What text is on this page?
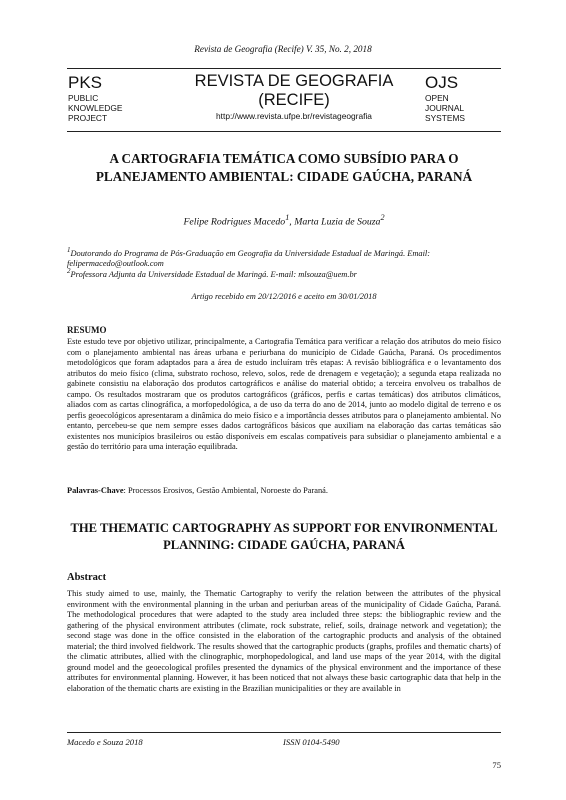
Revista de Geografia (Recife) V. 35, No. 2, 2018
PKS
PUBLIC
KNOWLEDGE
PROJECT
REVISTA DE GEOGRAFIA
(RECIFE)
http://www.revista.ufpe.br/revistageografia
OJS
OPEN
JOURNAL
SYSTEMS
A CARTOGRAFIA TEMÁTICA COMO SUBSÍDIO PARA O PLANEJAMENTO AMBIENTAL: CIDADE GAÚCHA, PARANÁ
Felipe Rodrigues Macedo$^1$, Marta Luzia de Souza$^2$

$^1$Doutorando do Programa de Pós-Graduação em Geografia da Universidade Estadual de Maringá. Email: felipermacedo@outlook.com

$^2$Professora Adjunta da Universidade Estadual de Maringá. E-mail: mlsouza@uem.br

Artigo recebido em 20/12/2016 e aceito em 30/01/2018
RESUMO

Este estudo teve por objetivo utilizar, principalmente, a Cartografia Temática para verificar a relação dos atributos do meio físico com o planejamento ambiental nas áreas urbana e periurbana do município de Cidade Gaúcha, Paraná. Os procedimentos metodológicos que foram adaptados para a área de estudo incluíram três etapas: A revisão bibliográfica e o levantamento dos atributos do meio físico (clima, substrato rochoso, relevo, solos, rede de drenagem e vegetação); a segunda etapa realizada no gabinete consistiu na elaboração dos produtos cartográficos e análise do material obtido; a terceira envolveu os trabalhos de campo. Os resultados mostraram que os produtos cartográficos (gráficos, perfis e cartas temáticas) dos atributos climáticos, aliados com as cartas clinográfica, a morfopedológica, a de uso da terra do ano de 2014, junto ao modelo digital de terreno e os perfis geoecológicos apresentaram a dinâmica do meio físico e a importância desses atributos para o planejamento ambiental. No entanto, percebeu-se que nem sempre esses dados cartográficos básicos que auxiliam na elaboração das cartas temáticas são existentes nos municípios brasileiros ou estão disponíveis em escalas compatíveis para subsidiar o planejamento ambiental e a gestão do território para uma interação equilibrada.

Palavras-Chave: Processos Erosivos, Gestão Ambiental, Noroeste do Paraná.

THE THEMATIC CARTOGRAPHY AS SUPPORT FOR ENVIRONMENTAL PLANNING: CIDADE GAÚCHA, PARANÁ
Abstract

This study aimed to use, mainly, the Thematic Cartography to verify the relation between the attributes of the physical environment with the environmental planning in the urban and periurban areas of the municipality of Cidade Gaúcha, Paraná. The methodological procedures that were adapted to the study area included three steps: the bibliographic review and the gathering of the physical environment attributes (climate, rock substrate, relief, soils, drainage network and vegetation); the second stage was done in the office consisted in the elaboration of the cartographic products and analysis of the obtained material; the third involved fieldwork. The results showed that the cartographic products (graphs, profiles and thematic charts) of the climatic attributes, allied with the clinographic, morphopedological, and land use maps of the year 2014, with the digital ground model and the geoecological profiles presented the dynamics of the physical environment and the importance of these attributes for environmental planning. However, it has been noticed that not always these basic cartographic data that help in the elaboration of the thematic charts are existing in the Brazilian municipalities or they are available in

Macedo e Souza 2018	ISSN 0104-5490
75
